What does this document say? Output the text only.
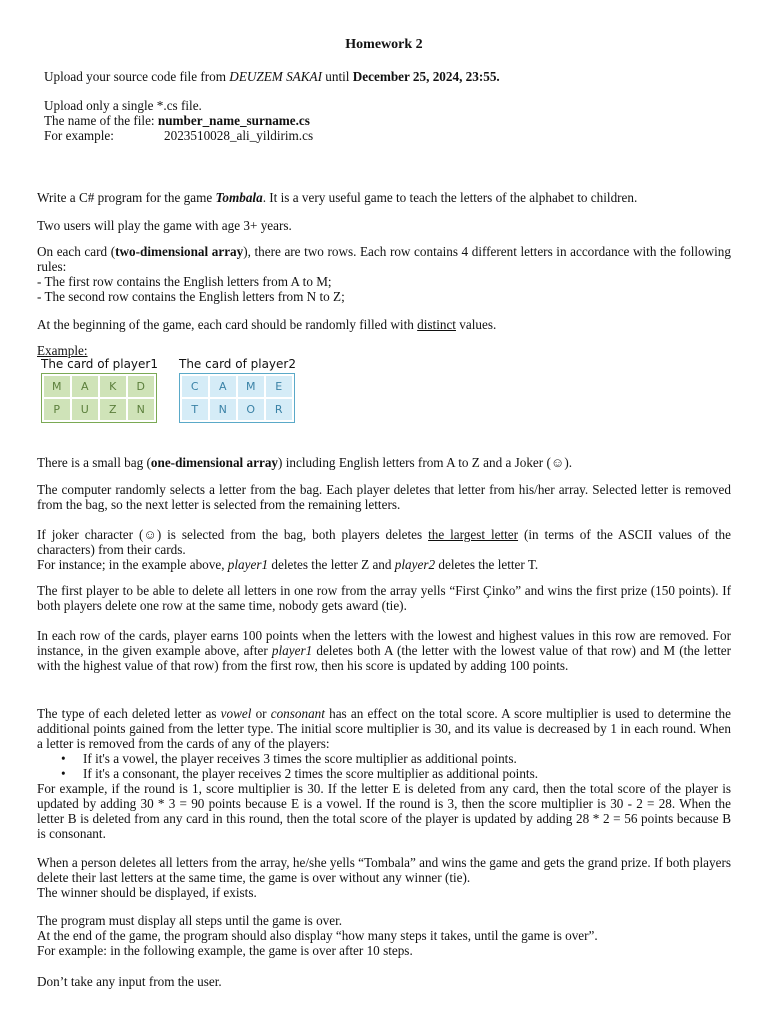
Homework 2

Upload your source code file from DEUZEM SAKAI until December 25, 2024, 23:55.

Upload only a single *.cs file.

The name of the file: number_name_surname.cs

For example:	2023510028_ali_yildirim.cs

Write a C# program for the game Tombala. It is a very useful game to teach the letters of the alphabet to children.

Two users will play the game with age 3+ years.

On each card (two-dimensional array), there are two rows. Each row contains 4 different letters in accordance with the following rules:
- The first row contains the English letters from A to M;
- The second row contains the English letters from N to Z;

At the beginning of the game, each card should be randomly filled with distinct values.

Example:

The card of player1
M	A	K	D
P	U	Z	N
The card of player2
C	A	M	E
T	N	O	R

There is a small bag (one-dimensional array) including English letters from A to Z and a Joker (☺).

The computer randomly selects a letter from the bag. Each player deletes that letter from his/her array. Selected letter is removed from the bag, so the next letter is selected from the remaining letters.

If joker character (☺) is selected from the bag, both players deletes the largest letter (in terms of the ASCII values of the characters) from their cards.
For instance; in the example above, player1 deletes the letter Z and player2 deletes the letter T.

The first player to be able to delete all letters in one row from the array yells “First Çinko” and wins the first prize (150 points). If both players delete one row at the same time, nobody gets award (tie).

In each row of the cards, player earns 100 points when the letters with the lowest and highest values in this row are removed. For instance, in the given example above, after player1 deletes both A (the letter with the lowest value of that row) and M (the letter with the highest value of that row) from the first row, then his score is updated by adding 100 points.

The type of each deleted letter as vowel or consonant has an effect on the total score. A score multiplier is used to determine the additional points gained from the letter type. The initial score multiplier is 30, and its value is decreased by 1 in each round. When a letter is removed from the cards of any of the players:
• If it's a vowel, the player receives 3 times the score multiplier as additional points.
• If it's a consonant, the player receives 2 times the score multiplier as additional points.
For example, if the round is 1, score multiplier is 30. If the letter E is deleted from any card, then the total score of the player is updated by adding 30 * 3 = 90 points because E is a vowel. If the round is 3, then the score multiplier is 30 - 2 = 28. When the letter B is deleted from any card in this round, then the total score of the player is updated by adding 28 * 2 = 56 points because B is consonant.
When a person deletes all letters from the array, he/she yells “Tombala” and wins the game and gets the grand prize. If both players delete their last letters at the same time, the game is over without any winner (tie).
The winner should be displayed, if exists.
The program must display all steps until the game is over.
At the end of the game, the program should also display “how many steps it takes, until the game is over”.
For example: in the following example, the game is over after 10 steps.

Don’t take any input from the user.
